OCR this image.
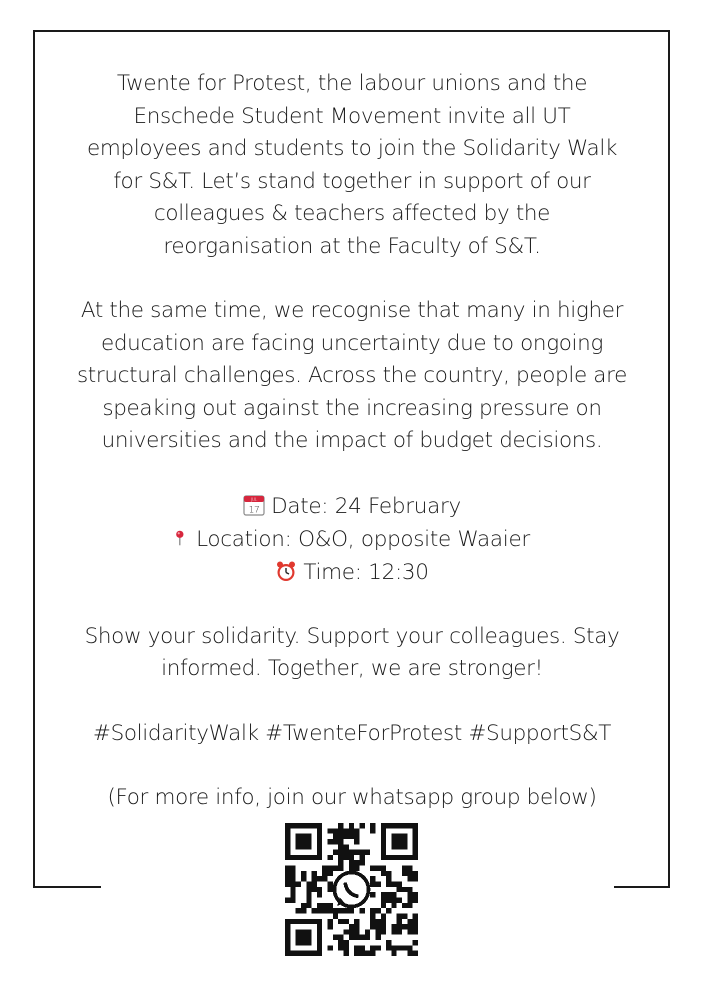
Twente for Protest, the labour unions and the
Enschede Student Movement invite all UT
employees and students to join the Solidarity Walk
for S&T. Let’s stand together in support of our
colleagues & teachers affected by the
reorganisation at the Faculty of S&T.
At the same time, we recognise that many in higher
education are facing uncertainty due to ongoing
structural challenges. Across the country, people are
speaking out against the increasing pressure on
universities and the impact of budget decisions.
JUL
17 Date: 24 February
Location: O&O, opposite Waaier
Time: 12:30
Show your solidarity. Support your colleagues. Stay
informed. Together, we are stronger!
#SolidarityWalk #TwenteForProtest #SupportS&T
(For more info, join our whatsapp group below)
